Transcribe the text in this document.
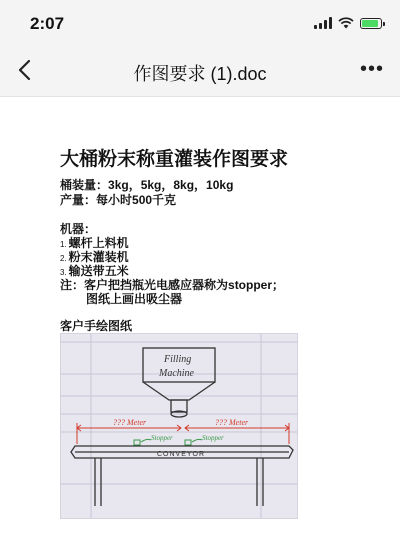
2:07
作图要求 (1).doc	•••
大桶粉末称重灌装作图要求
桶装量：3kg，5kg，8kg，10kg
产量：每小时500千克
机器：
1. 螺杆上料机
2. 粉末灌装机
3. 输送带五米
注：客户把挡瓶光电感应器称为stopper；
图纸上画出吸尘器
客户手绘图纸
Filling
Machine
??? Meter	??? Meter
Stopper	Stopper
CONVEYOR
